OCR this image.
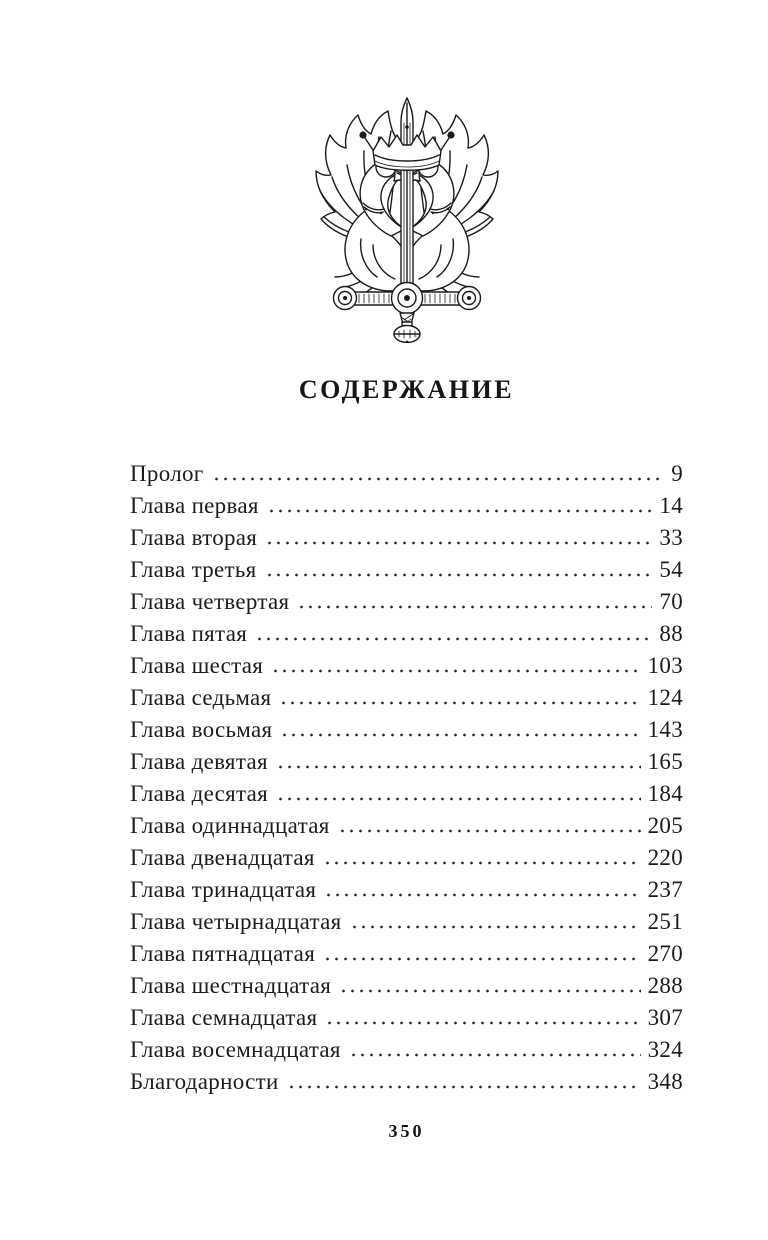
СОДЕРЖАНИЕ
Пролог	9
Глава первая	14
Глава вторая	33
Глава третья	54
Глава четвертая	70
Глава пятая	88
Глава шестая	103
Глава седьмая	124
Глава восьмая	143
Глава девятая	165
Глава десятая	184
Глава одиннадцатая	205
Глава двенадцатая	220
Глава тринадцатая	237
Глава четырнадцатая	251
Глава пятнадцатая	270
Глава шестнадцатая	288
Глава семнадцатая	307
Глава восемнадцатая	324
Благодарности	348
350
